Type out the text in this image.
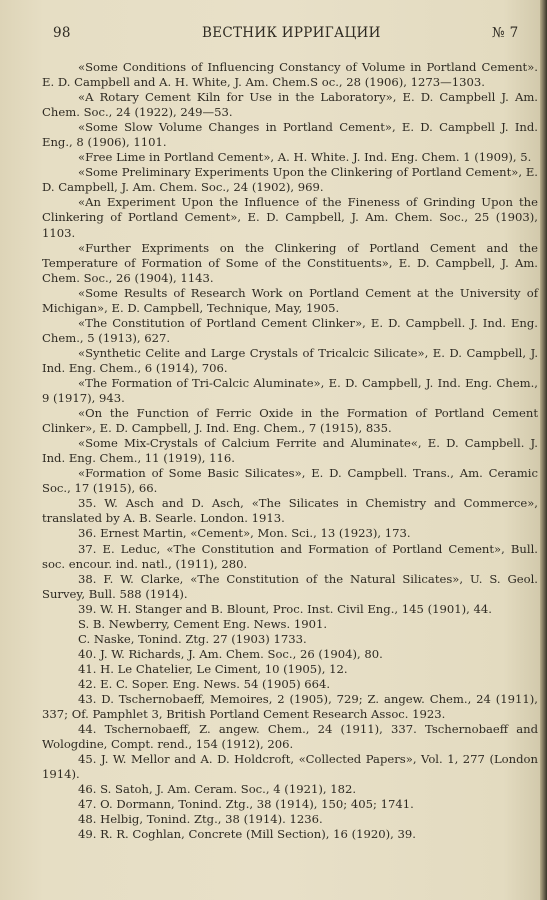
98	ВЕСТНИК ИРРИГАЦИИ	№ 7

«Some Conditions of Influencing Constancy of Volume in Portland Cement». E. D. Campbell and A. H. White, J. Am. Chem.S oc., 28 (1906), 1273—1303.

«A Rotary Cement Kiln for Use in the Laboratory», E. D. Campbell J. Am. Chem. Soc., 24 (1922), 249—53.

«Some Slow Volume Changes in Portland Cement», E. D. Campbell J. Ind. Eng., 8 (1906), 1101.

«Free Lime in Portland Cement», A. H. White. J. Ind. Eng. Chem. 1 (1909), 5.

«Some Preliminary Experiments Upon the Clinkering of Portland Cement», E. D. Campbell, J. Am. Chem. Soc., 24 (1902), 969.

«An Experiment Upon the Influence of the Fineness of Grinding Upon the Clinkering of Portland Cement», E. D. Campbell, J. Am. Chem. Soc., 25 (1903), 1103.

«Further Expriments on the Clinkering of Portland Cement and the Temperature of Formation of Some of the Constituents», E. D. Campbell, J. Am. Chem. Soc., 26 (1904), 1143.

«Some Results of Research Work on Portland Cement at the University of Michigan», E. D. Campbell, Technique, May, 1905.

«The Constitution of Portland Cement Clinker», E. D. Campbell. J. Ind. Eng. Chem., 5 (1913), 627.

«Synthetic Celite and Large Crystals of Tricalcic Silicate», E. D. Campbell, J. Ind. Eng. Chem., 6 (1914), 706.

«The Formation of Tri-Calcic Aluminate», E. D. Campbell, J. Ind. Eng. Chem., 9 (1917), 943.

«On the Function of Ferric Oxide in the Formation of Portland Cement Clinker», E. D. Campbell, J. Ind. Eng. Chem., 7 (1915), 835.

«Some Mix-Crystals of Calcium Ferrite and Aluminate«, E. D. Campbell. J. Ind. Eng. Chem., 11 (1919), 116.

«Formation of Some Basic Silicates», E. D. Campbell. Trans., Am. Ceramic Soc., 17 (1915), 66.

35. W. Asch and D. Asch, «The Silicates in Chemistry and Commerce», translated by A. B. Searle. London. 1913.

36. Ernest Martin, «Cement», Mon. Sci., 13 (1923), 173.

37. E. Leduc, «The Constitution and Formation of Portland Cement», Bull. soc. encour. ind. natl., (1911), 280.

38. F. W. Clarke, «The Constitution of the Natural Silicates», U. S. Geol. Survey, Bull. 588 (1914).

39. W. H. Stanger and B. Blount, Proc. Inst. Civil Eng., 145 (1901), 44.

S. B. Newberry, Cement Eng. News. 1901.

C. Naske, Tonind. Ztg. 27 (1903) 1733.

40. J. W. Richards, J. Am. Chem. Soc., 26 (1904), 80.

41. H. Le Chatelier, Le Ciment, 10 (1905), 12.

42. E. C. Soper. Eng. News. 54 (1905) 664.

43. D. Tschernobaeff, Memoires, 2 (1905), 729; Z. angew. Chem., 24 (1911), 337; Of. Pamphlet 3, British Portland Cement Research Assoc. 1923.

44. Tschernobaeff, Z. angew. Chem., 24 (1911), 337. Tschernobaeff and Wologdine, Compt. rend., 154 (1912), 206.

45. J. W. Mellor and A. D. Holdcroft, «Collected Papers», Vol. 1, 277 (London 1914).

46. S. Satoh, J. Am. Ceram. Soc., 4 (1921), 182.

47. O. Dormann, Tonind. Ztg., 38 (1914), 150; 405; 1741.

48. Helbig, Tonind. Ztg., 38 (1914). 1236.

49. R. R. Coghlan, Concrete (Mill Section), 16 (1920), 39.
